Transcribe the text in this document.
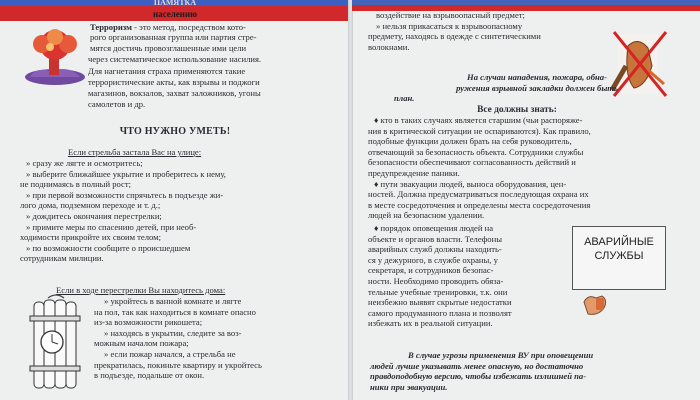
ПАМЯТКА
населению
Терроризм - это метод, посредством кото-
рого организованная группа или партия стре-
мятся достичь провозглашенные ими цели
через систематическое использование насилия.
Для нагнетания страха применяются такие
террористические акты, как взрывы и поджоги
магазинов, вокзалов, захват заложников, угоны
самолетов и др.
ЧТО НУЖНО УМЕТЬ!
Если стрельба застала Вас на улице:
» сразу же лягте и осмотритесь;
» выберите ближайшее укрытие и проберитесь к нему,
не поднимаясь в полный рост;
» при первой возможности спрячьтесь в подъезде жи-
лого дома, подземном переходе и т. д.;
» дождитесь окончания перестрелки;
» примите меры по спасению детей, при необ-
ходимости прикройте их своим телом;
» по возможности сообщите о происшедшем
сотрудникам милиции.
Если в ходе перестрелки Вы находитесь дома:
» укройтесь в ванной комнате и лягте
на пол, так как находиться в комнате опасно
из-за возможности рикошета;
» находясь в укрытии, следите за воз-
можным началом пожара;
» если пожар начался, а стрельба не
прекратилась, покиньте квартиру и укройтесь
в подъезде, подальше от окон.
воздействие на взрывоопасный предмет;
» нельзя прикасаться к взрывоопасному
предмету, находясь в одежде с синтетическими
волокнами.
На случаи нападения, пожара, обна-
ружения взрывной закладки должен быть
план.
Все должны знать:
♦ кто в таких случаях является старшим (чьи распоряже-
ния в критической ситуации не оспариваются). Как правило,
подобные функции должен брать на себя руководитель,
отвечающий за безопасность объекта. Сотрудники службы
безопасности обеспечивают согласованность действий и
предупреждение паники.
♦ пути эвакуации людей, выноса оборудования, цен-
ностей. Должна предусматриваться последующая охрана их
в месте сосредоточения и определены места сосредоточения
людей на безопасном удалении.
♦ порядок оповещения людей на
объекте и органов власти. Телефоны
аварийных служб должны находить-
ся у дежурного, в службе охраны, у
секретаря, и сотрудников безопас-
ности. Необходимо проводить обяза-
тельные учебные тренировки, т.к. они
неизбежно выявят скрытые недостатки
самого продуманного плана и позволят
избежать их в реальной ситуации.
В случае угрозы применения ВУ при оповещении
людей лучше указывать менее опасную, но достаточно
правдоподобную версию, чтобы избежать излишней па-
ники при эвакуации.
АВАРИЙНЫЕ
СЛУЖБЫ
